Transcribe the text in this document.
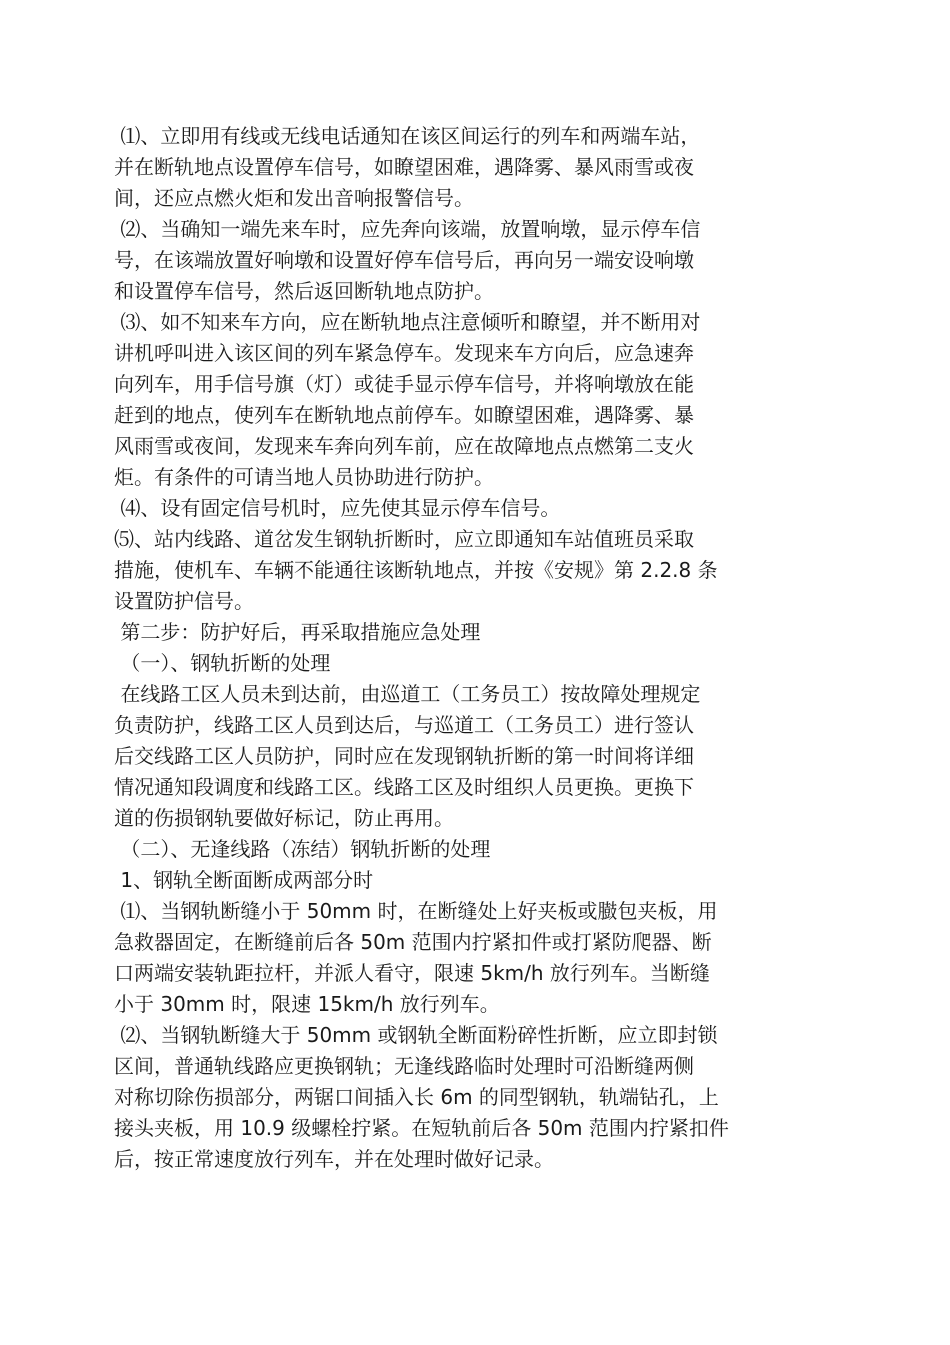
⑴、立即用有线或无线电话通知在该区间运行的列车和两端车站，
并在断轨地点设置停车信号，如瞭望困难，遇降雾、暴风雨雪或夜
间，还应点燃火炬和发出音响报警信号。
⑵、当确知一端先来车时，应先奔向该端，放置响墩，显示停车信
号，在该端放置好响墩和设置好停车信号后，再向另一端安设响墩
和设置停车信号，然后返回断轨地点防护。
⑶、如不知来车方向，应在断轨地点注意倾听和瞭望，并不断用对
讲机呼叫进入该区间的列车紧急停车。发现来车方向后，应急速奔
向列车，用手信号旗（灯）或徒手显示停车信号，并将响墩放在能
赶到的地点，使列车在断轨地点前停车。如瞭望困难，遇降雾、暴
风雨雪或夜间，发现来车奔向列车前，应在故障地点点燃第二支火
炬。有条件的可请当地人员协助进行防护。
⑷、设有固定信号机时，应先使其显示停车信号。
⑸、站内线路、道岔发生钢轨折断时，应立即通知车站值班员采取
措施，使机车、车辆不能通往该断轨地点，并按《安规》第 2.2.8 条
设置防护信号。
第二步：防护好后，再采取措施应急处理
（一）、钢轨折断的处理
在线路工区人员未到达前，由巡道工（工务员工）按故障处理规定
负责防护，线路工区人员到达后，与巡道工（工务员工）进行签认
后交线路工区人员防护，同时应在发现钢轨折断的第一时间将详细
情况通知段调度和线路工区。线路工区及时组织人员更换。更换下
道的伤损钢轨要做好标记，防止再用。
（二）、无逢线路（冻结）钢轨折断的处理
1、钢轨全断面断成两部分时
⑴、当钢轨断缝小于 50mm 时，在断缝处上好夹板或臌包夹板，用
急救器固定，在断缝前后各 50m 范围内拧紧扣件或打紧防爬器、断
口两端安装轨距拉杆，并派人看守，限速 5km/h 放行列车。当断缝
小于 30mm 时，限速 15km/h 放行列车。
⑵、当钢轨断缝大于 50mm 或钢轨全断面粉碎性折断，应立即封锁
区间，普通轨线路应更换钢轨；无逢线路临时处理时可沿断缝两侧
对称切除伤损部分，两锯口间插入长 6m 的同型钢轨，轨端钻孔，上
接头夹板，用 10.9 级螺栓拧紧。在短轨前后各 50m 范围内拧紧扣件
后，按正常速度放行列车，并在处理时做好记录。
